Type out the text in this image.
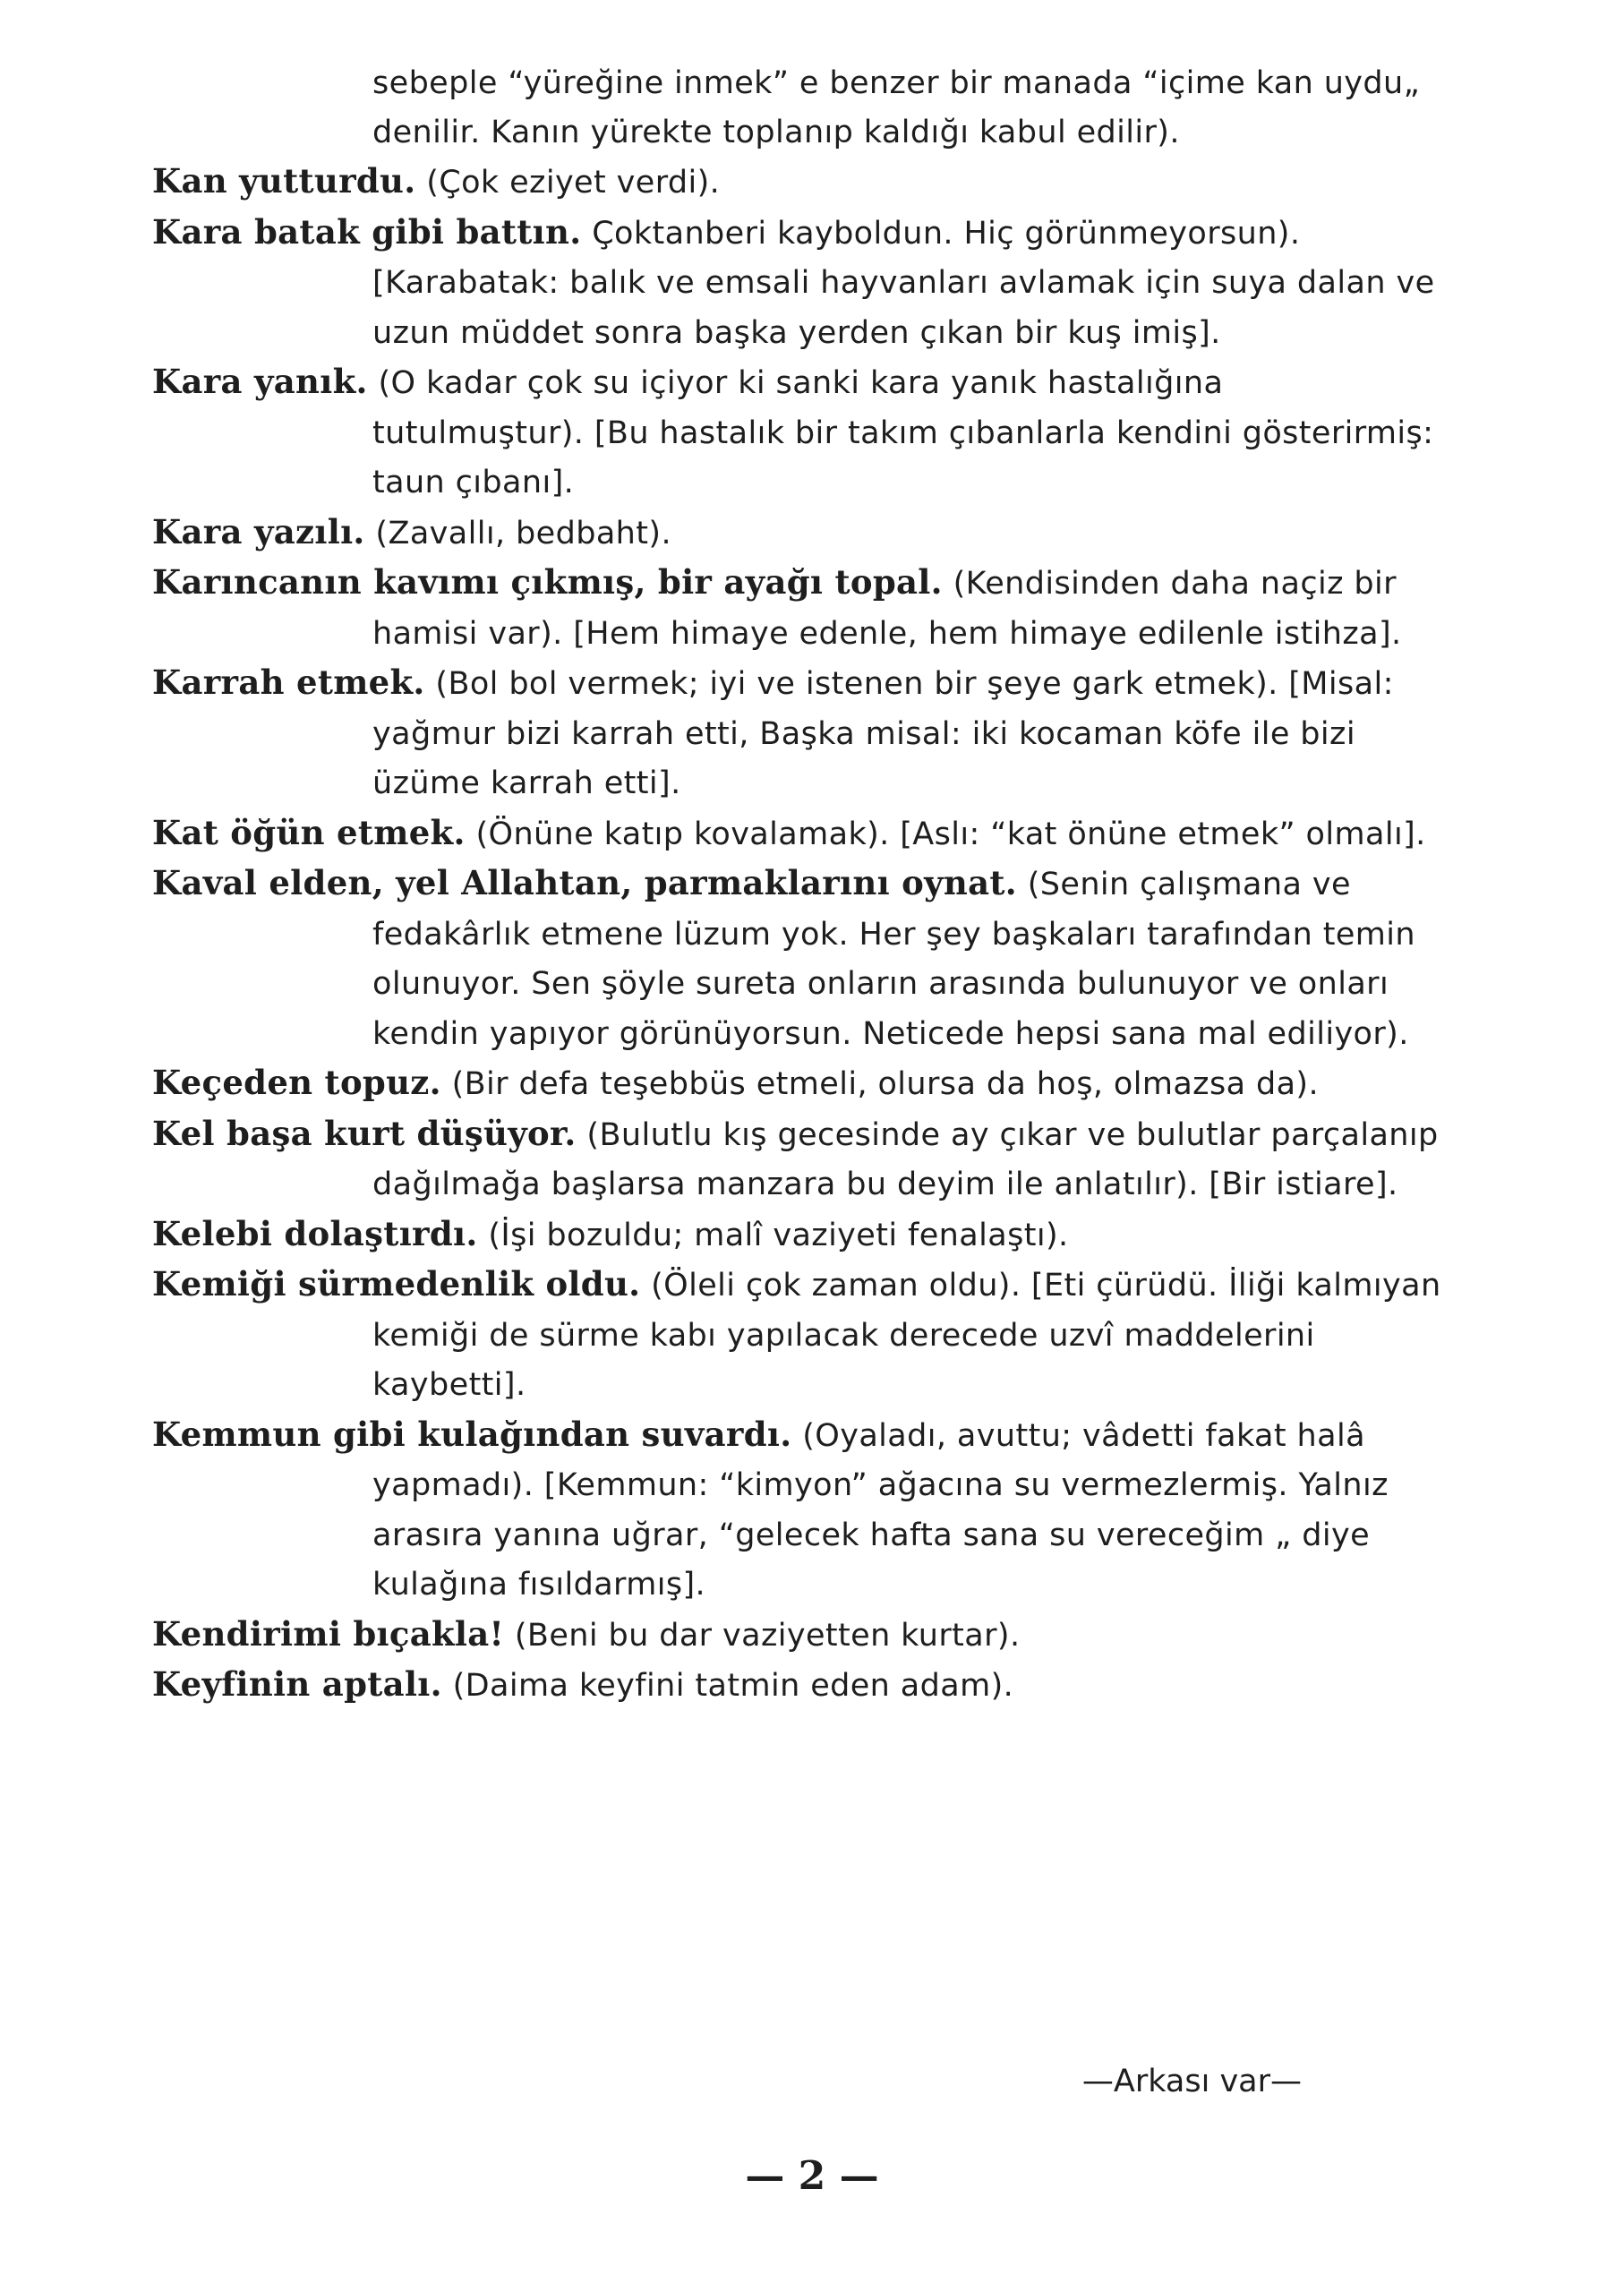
sebeple “yüreğine inmek” e benzer bir manada “içime kan uydu„ denilir. Kanın yürekte toplanıp kaldığı kabul edilir).

Kan yutturdu. (Çok eziyet verdi).

Kara batak gibi battın. Çoktanberi kayboldun. Hiç görünmeyorsun). [Karabatak: balık ve emsali hayvanları avlamak için suya dalan ve uzun müddet sonra başka yerden çıkan bir kuş imiş].

Kara yanık. (O kadar çok su içiyor ki sanki kara yanık hastalığına tutulmuştur). [Bu hastalık bir takım çıbanlarla kendini gösterirmiş: taun çıbanı].

Kara yazılı. (Zavallı, bedbaht).

Karıncanın kavımı çıkmış, bir ayağı topal. (Kendisinden daha naçiz bir hamisi var). [Hem himaye edenle, hem himaye edilenle istihza].

Karrah etmek. (Bol bol vermek; iyi ve istenen bir şeye gark etmek). [Misal: yağmur bizi karrah etti, Başka misal: iki kocaman köfe ile bizi üzüme karrah etti].

Kat öğün etmek. (Önüne katıp kovalamak). [Aslı: “kat önüne etmek” olmalı].

Kaval elden, yel Allahtan, parmaklarını oynat. (Senin çalışmana ve fedakârlık etmene lüzum yok. Her şey başkaları tarafından temin olunuyor. Sen şöyle sureta onların arasında bulunuyor ve onları kendin yapıyor görünüyorsun. Neticede hepsi sana mal ediliyor).

Keçeden topuz. (Bir defa teşebbüs etmeli, olursa da hoş, olmazsa da).

Kel başa kurt düşüyor. (Bulutlu kış gecesinde ay çıkar ve bulutlar parçalanıp dağılmağa başlarsa manzara bu deyim ile anlatılır). [Bir istiare].

Kelebi dolaştırdı. (İşi bozuldu; malî vaziyeti fenalaştı).

Kemiği sürmedenlik oldu. (Öleli çok zaman oldu). [Eti çürüdü. İliği kalmıyan kemiği de sürme kabı yapılacak derecede uzvî maddelerini kaybetti].

Kemmun gibi kulağından suvardı. (Oyaladı, avuttu; vâdetti fakat halâ yapmadı). [Kemmun: “kimyon” ağacına su vermezlermiş. Yalnız arasıra yanına uğrar, “gelecek hafta sana su vereceğim „ diye kulağına fısıldarmış].

Kendirimi bıçakla! (Beni bu dar vaziyetten kurtar).

Keyfinin aptalı. (Daima keyfini tatmin eden adam).

—Arkası var—
— 2 —
